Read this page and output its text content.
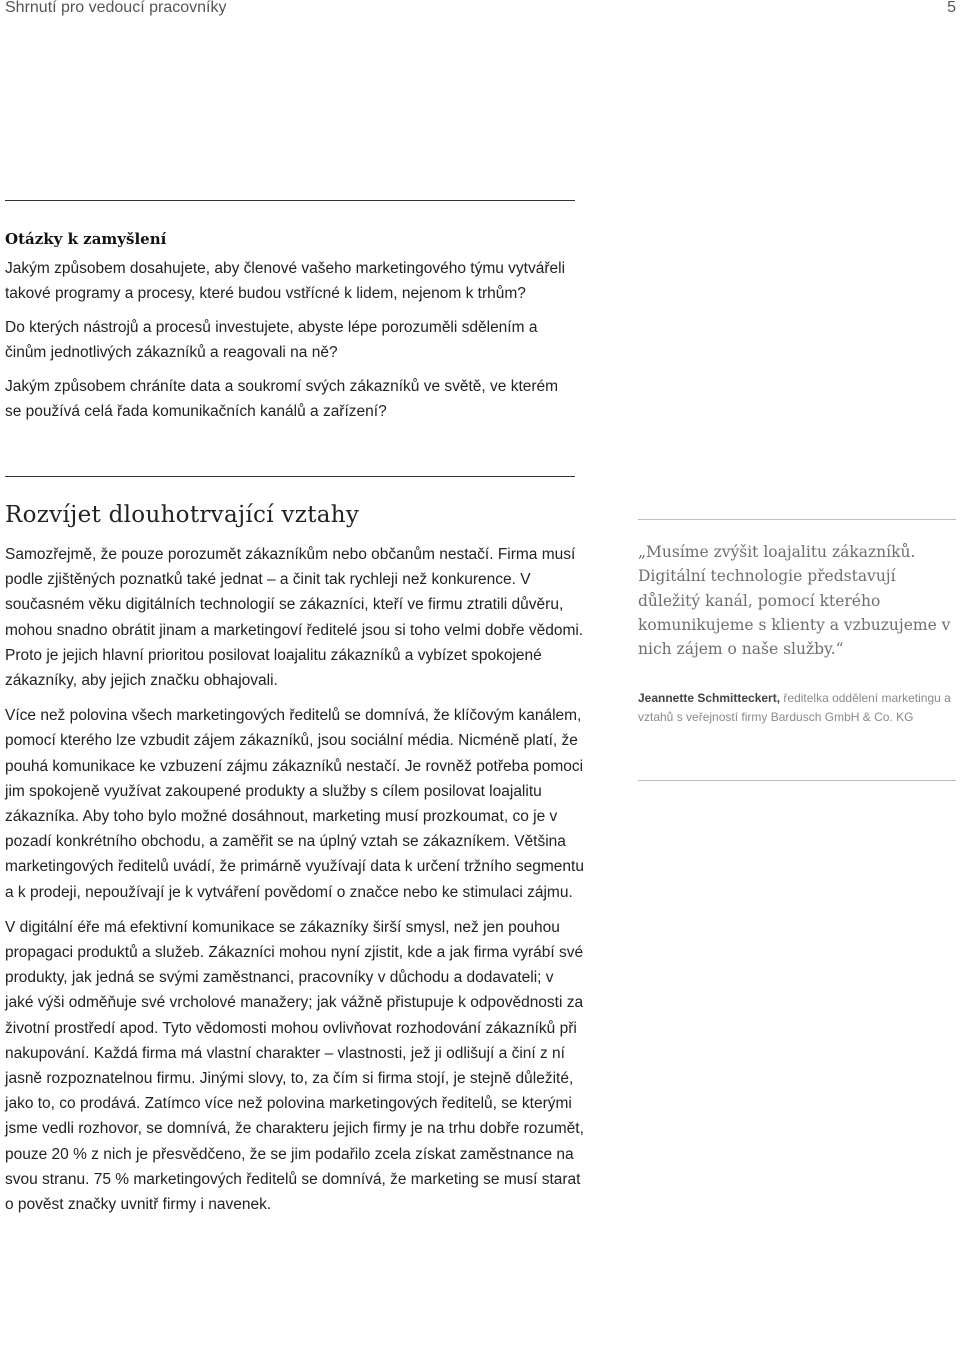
Shrnutí pro vedoucí pracovníky	5
Otázky k zamyšlení

Jakým způsobem dosahujete, aby členové vašeho marketingového týmu vytvářeli takové programy a procesy, které budou vstřícné k lidem, nejenom k trhům?

Do kterých nástrojů a procesů investujete, abyste lépe porozuměli sdělením a činům jednotlivých zákazníků a reagovali na ně?

Jakým způsobem chráníte data a soukromí svých zákazníků ve světě, ve kterém se používá celá řada komunikačních kanálů a zařízení?

Rozvíjet dlouhotrvající vztahy

Samozřejmě, že pouze porozumět zákazníkům nebo občanům nestačí. Firma musí podle zjištěných poznatků také jednat – a činit tak rychleji než konkurence. V současném věku digitálních technologií se zákazníci, kteří ve firmu ztratili důvěru, mohou snadno obrátit jinam a marketingoví ředitelé jsou si toho velmi dobře vědomi. Proto je jejich hlavní prioritou posilovat loajalitu zákazníků a vybízet spokojené zákazníky, aby jejich značku obhajovali.

Více než polovina všech marketingových ředitelů se domnívá, že klíčovým kanálem, pomocí kterého lze vzbudit zájem zákazníků, jsou sociální média. Nicméně platí, že pouhá komunikace ke vzbuzení zájmu zákazníků nestačí. Je rovněž potřeba pomoci jim spokojeně využívat zakoupené produkty a služby s cílem posilovat loajalitu zákazníka. Aby toho bylo možné dosáhnout, marketing musí prozkoumat, co je v pozadí konkrétního obchodu, a zaměřit se na úplný vztah se zákazníkem. Většina marketingových ředitelů uvádí, že primárně využívají data k určení tržního segmentu a k prodeji, nepoužívají je k vytváření povědomí o značce nebo ke stimulaci zájmu.

V digitální éře má efektivní komunikace se zákazníky širší smysl, než jen pouhou propagaci produktů a služeb. Zákazníci mohou nyní zjistit, kde a jak firma vyrábí své produkty, jak jedná se svými zaměstnanci, pracovníky v důchodu a dodavateli; v jaké výši odměňuje své vrcholové manažery; jak vážně přistupuje k odpovědnosti za životní prostředí apod. Tyto vědomosti mohou ovlivňovat rozhodování zákazníků při nakupování. Každá firma má vlastní charakter – vlastnosti, jež ji odlišují a činí z ní jasně rozpoznatelnou firmu. Jinými slovy, to, za čím si firma stojí, je stejně důležité, jako to, co prodává. Zatímco více než polovina marketingových ředitelů, se kterými jsme vedli rozhovor, se domnívá, že charakteru jejich firmy je na trhu dobře rozumět, pouze 20 % z nich je přesvědčeno, že se jim podařilo zcela získat zaměstnance na svou stranu. 75 % marketingových ředitelů se domnívá, že marketing se musí starat o pověst značky uvnitř firmy i navenek.

„Musíme zvýšit loajalitu zákazníků. Digitální technologie představují důležitý kanál, pomocí kterého komunikujeme s klienty a vzbuzujeme v nich zájem o naše služby.“

Jeannette Schmitteckert, ředitelka oddělení marketingu a vztahů s veřejností firmy Bardusch GmbH & Co. KG
